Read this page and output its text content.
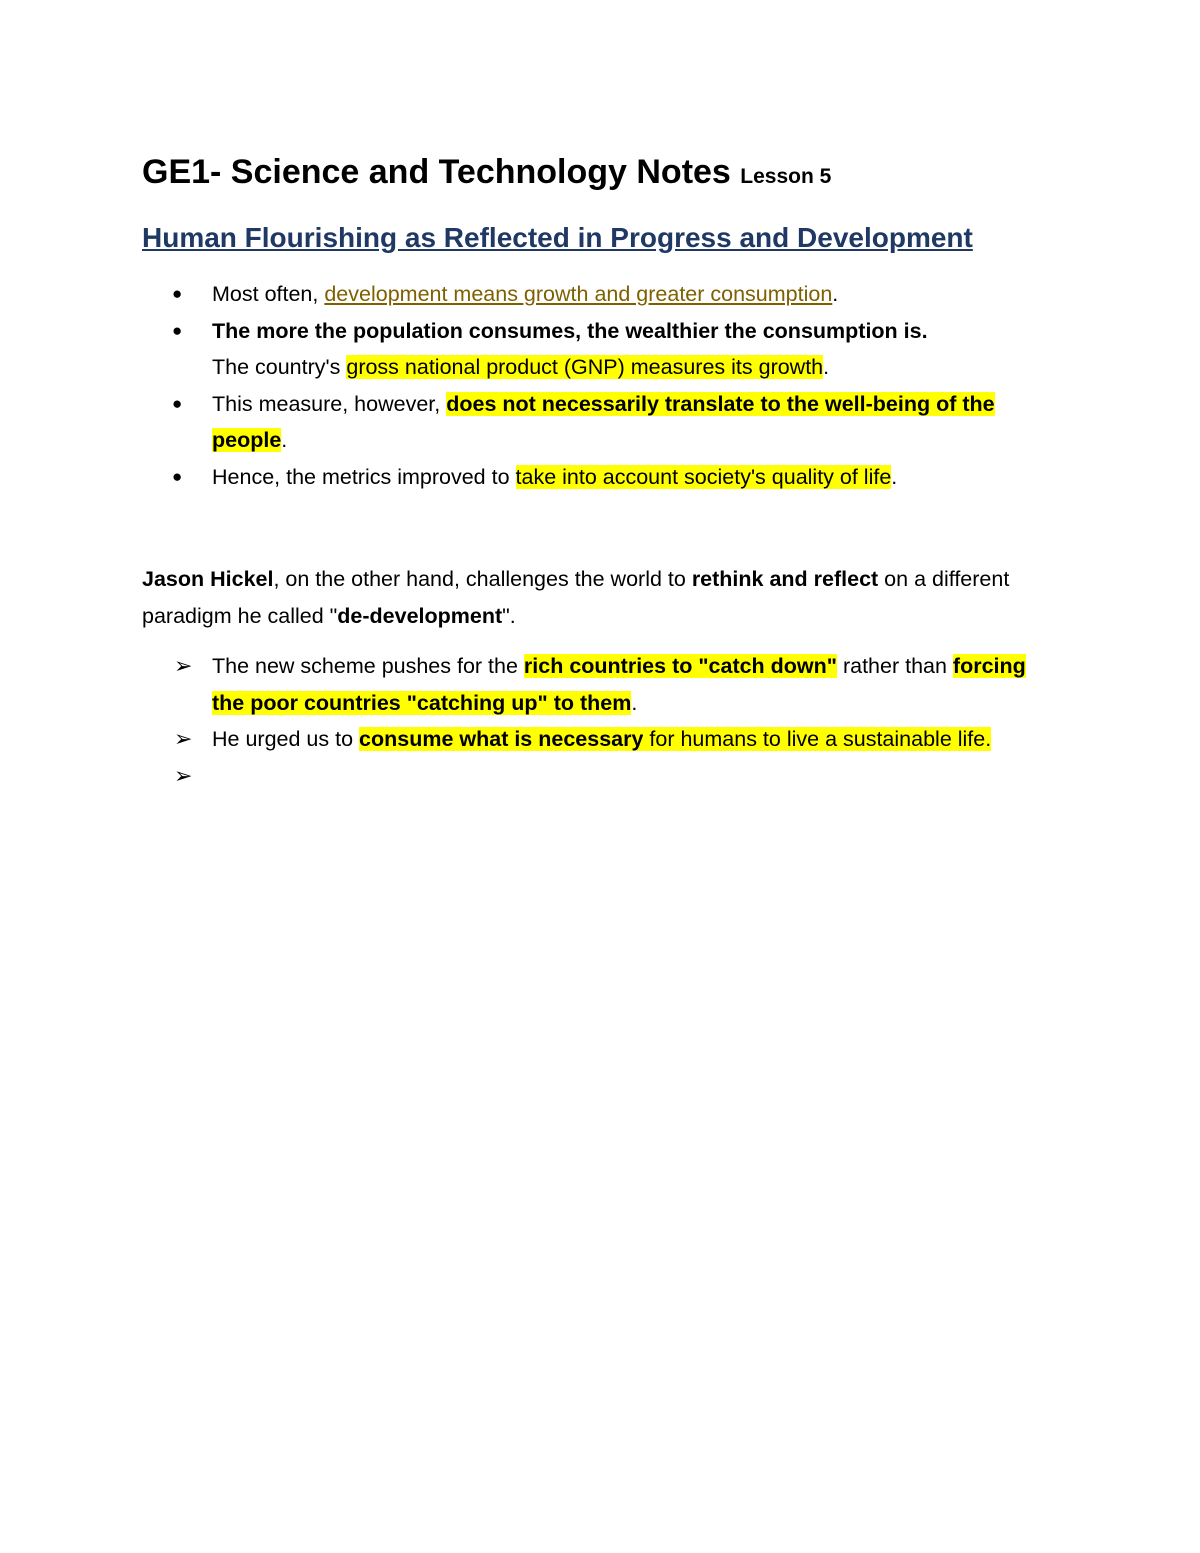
GE1- Science and Technology Notes Lesson 5
Human Flourishing as Reflected in Progress and Development
● Most often, development means growth and greater consumption.
● The more the population consumes, the wealthier the consumption is.
The country's gross national product (GNP) measures its growth.
● This measure, however, does not necessarily translate to the well-being of the people.
● Hence, the metrics improved to take into account society's quality of life.

Jason Hickel, on the other hand, challenges the world to rethink and reflect on a different paradigm he called "de-development".

➢ The new scheme pushes for the rich countries to "catch down" rather than forcing the poor countries "catching up" to them.
➢ He urged us to consume what is necessary for humans to live a sustainable life.
➢
